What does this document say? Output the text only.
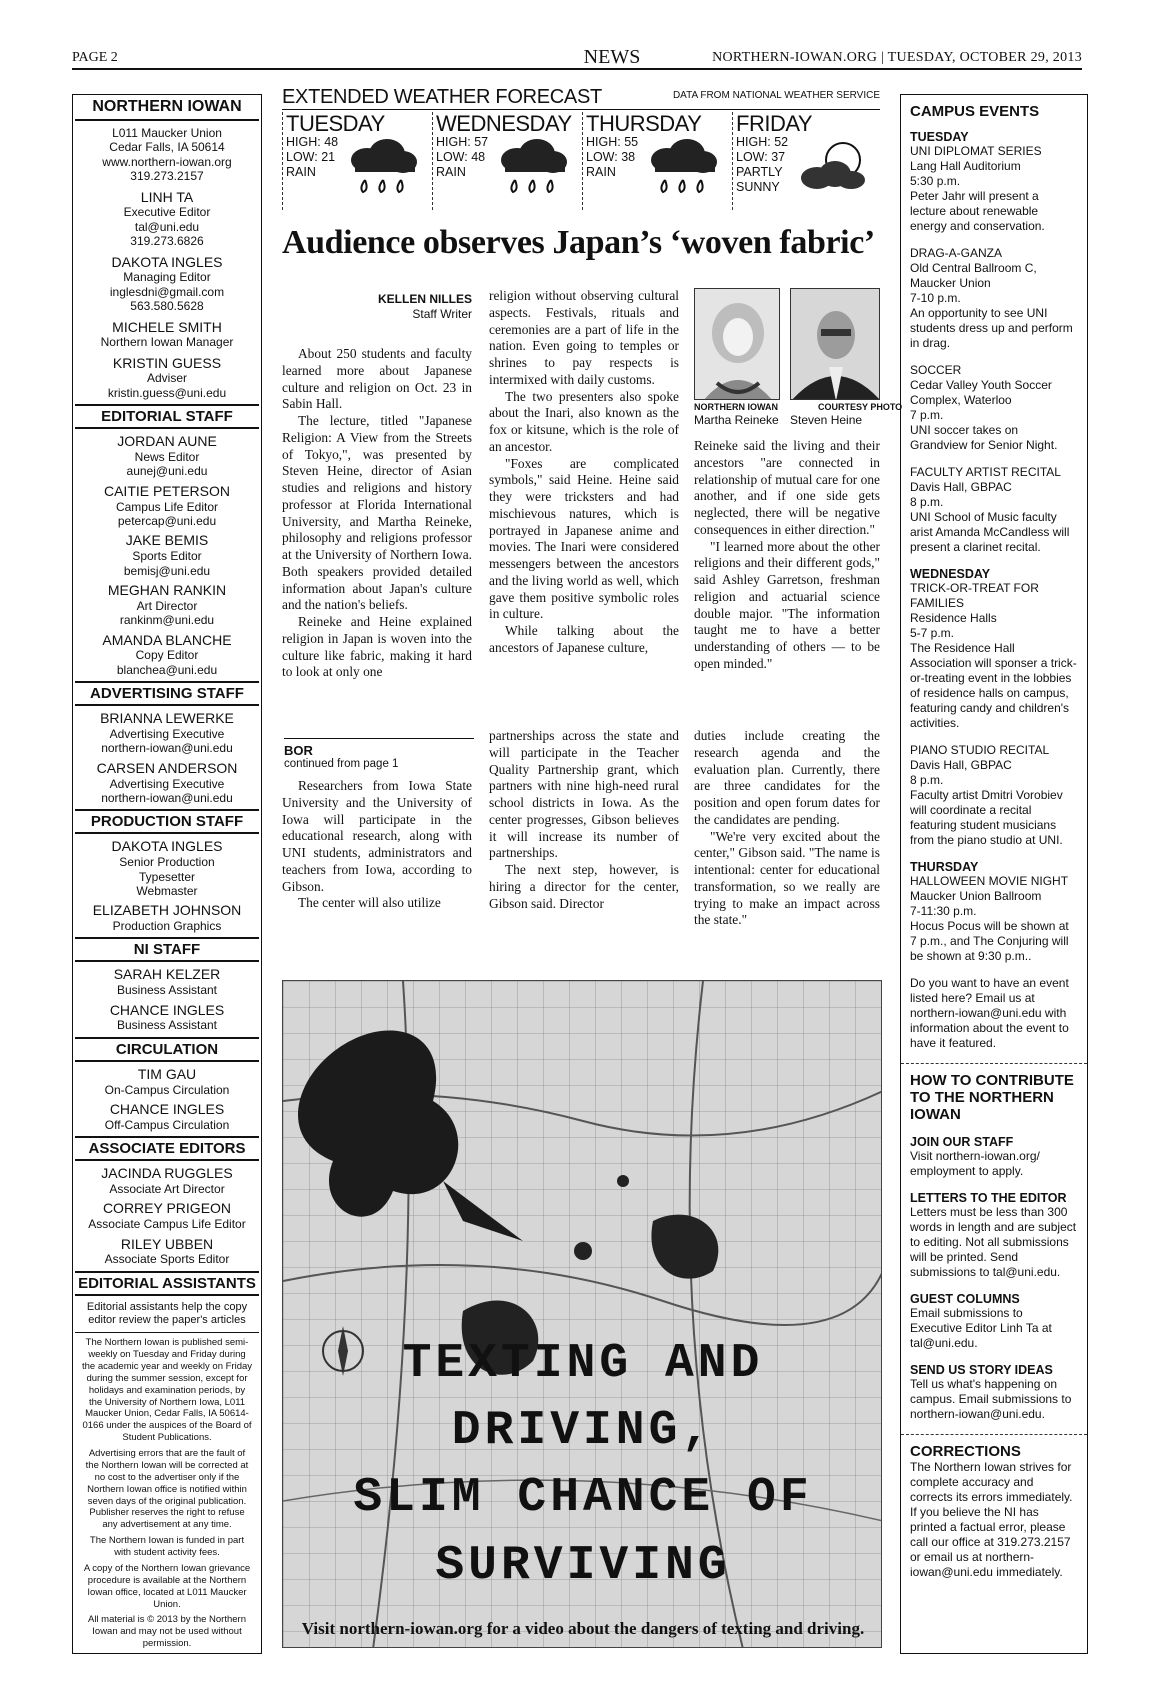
PAGE 2	NEWS	NORTHERN-IOWAN.ORG | TUESDAY, OCTOBER 29, 2013
NORTHERN IOWAN
L011 Maucker Union
Cedar Falls, IA 50614
www.northern-iowan.org
319.273.2157
LINH TA
Executive Editor
tal@uni.edu
319.273.6826
DAKOTA INGLES
Managing Editor
inglesdni@gmail.com
563.580.5628
MICHELE SMITH
Northern Iowan Manager
KRISTIN GUESS
Adviser
kristin.guess@uni.edu
EDITORIAL STAFF
JORDAN AUNE
News Editor
aunej@uni.edu
CAITIE PETERSON
Campus Life Editor
petercap@uni.edu
JAKE BEMIS
Sports Editor
bemisj@uni.edu
MEGHAN RANKIN
Art Director
rankinm@uni.edu
AMANDA BLANCHE
Copy Editor
blanchea@uni.edu
ADVERTISING STAFF
BRIANNA LEWERKE
Advertising Executive
northern-iowan@uni.edu
CARSEN ANDERSON
Advertising Executive
northern-iowan@uni.edu
PRODUCTION STAFF
DAKOTA INGLES
Senior Production
Typesetter
Webmaster
ELIZABETH JOHNSON
Production Graphics
NI STAFF
SARAH KELZER
Business Assistant
CHANCE INGLES
Business Assistant
CIRCULATION
TIM GAU
On-Campus Circulation
CHANCE INGLES
Off-Campus Circulation
ASSOCIATE EDITORS
JACINDA RUGGLES
Associate Art Director
CORREY PRIGEON
Associate Campus Life Editor
RILEY UBBEN
Associate Sports Editor
EDITORIAL ASSISTANTS
Editorial assistants help the copy editor review the paper's articles
The Northern Iowan is published semi-weekly on Tuesday and Friday during the academic year and weekly on Friday during the summer session, except for holidays and examination periods, by the University of Northern Iowa, L011 Maucker Union, Cedar Falls, IA 50614-0166 under the auspices of the Board of Student Publications.
Advertising errors that are the fault of the Northern Iowan will be corrected at no cost to the advertiser only if the Northern Iowan office is notified within seven days of the original publication. Publisher reserves the right to refuse any advertisement at any time.
The Northern Iowan is funded in part with student activity fees.
A copy of the Northern Iowan grievance procedure is available at the Northern Iowan office, located at L011 Maucker Union.
All material is © 2013 by the Northern Iowan and may not be used without permission.
EXTENDED WEATHER FORECAST	DATA FROM NATIONAL WEATHER SERVICE
TUESDAY
HIGH: 48
LOW: 21
RAIN
WEDNESDAY
HIGH: 57
LOW: 48
RAIN
THURSDAY
HIGH: 55
LOW: 38
RAIN
FRIDAY
HIGH: 52
LOW: 37
PARTLY
SUNNY
Audience observes Japan’s ‘woven fabric’
KELLEN NILLES
Staff Writer

About 250 students and faculty learned more about Japanese culture and religion on Oct. 23 in Sabin Hall.

The lecture, titled "Japanese Religion: A View from the Streets of Tokyo,", was presented by Steven Heine, director of Asian studies and religions and history professor at Florida International University, and Martha Reineke, philosophy and religions professor at the University of Northern Iowa. Both speakers provided detailed information about Japan's culture and the nation's beliefs.

Reineke and Heine explained religion in Japan is woven into the culture like fabric, making it hard to look at only one

religion without observing cultural aspects. Festivals, rituals and ceremonies are a part of life in the nation. Even going to temples or shrines to pay respects is intermixed with daily customs.

The two presenters also spoke about the Inari, also known as the fox or kitsune, which is the role of an ancestor.

"Foxes are complicated symbols," said Heine. Heine said they were tricksters and had mischievous natures, which is portrayed in Japanese anime and movies. The Inari were considered messengers between the ancestors and the living world as well, which gave them positive symbolic roles in culture.

While talking about the ancestors of Japanese culture,

NORTHERN IOWAN
Martha Reineke
COURTESY PHOTO
Steven Heine

Reineke said the living and their ancestors "are connected in relationship of mutual care for one another, and if one side gets neglected, there will be negative consequences in either direction."

"I learned more about the other religions and their different gods," said Ashley Garretson, freshman religion and actuarial science double major. "The information taught me to have a better understanding of others — to be open minded."

BOR
continued from page 1

Researchers from Iowa State University and the University of Iowa will participate in the educational research, along with UNI students, administrators and teachers from Iowa, according to Gibson.

The center will also utilize

partnerships across the state and will participate in the Teacher Quality Partnership grant, which partners with nine high-need rural school districts in Iowa. As the center progresses, Gibson believes it will increase its number of partnerships.

The next step, however, is hiring a director for the center, Gibson said. Director

duties include creating the research agenda and the evaluation plan. Currently, there are three candidates for the position and open forum dates for the candidates are pending.

"We're very excited about the center," Gibson said. "The name is intentional: center for educational transformation, so we really are trying to make an impact across the state."

TEXTING AND
DRIVING,
SLIM CHANCE OF
SURVIVING
Visit northern-iowan.org for a video about the dangers of texting and driving.
CAMPUS EVENTS
TUESDAY
UNI DIPLOMAT SERIES
Lang Hall Auditorium
5:30 p.m.
Peter Jahr will present a lecture about renewable energy and conservation.
DRAG-A-GANZA
Old Central Ballroom C,
Maucker Union
7-10 p.m.
An opportunity to see UNI students dress up and perform in drag.
SOCCER
Cedar Valley Youth Soccer Complex, Waterloo
7 p.m.
UNI soccer takes on Grandview for Senior Night.
FACULTY ARTIST RECITAL
Davis Hall, GBPAC
8 p.m.
UNI School of Music faculty arist Amanda McCandless will present a clarinet recital.
WEDNESDAY
TRICK-OR-TREAT FOR FAMILIES
Residence Halls
5-7 p.m.
The Residence Hall Association will sponser a trick-or-treating event in the lobbies of residence halls on campus, featuring candy and children's activities.
PIANO STUDIO RECITAL
Davis Hall, GBPAC
8 p.m.
Faculty artist Dmitri Vorobiev will coordinate a recital featuring student musicians from the piano studio at UNI.
THURSDAY
HALLOWEEN MOVIE NIGHT
Maucker Union Ballroom
7-11:30 p.m.
Hocus Pocus will be shown at 7 p.m., and The Conjuring will be shown at 9:30 p.m..
Do you want to have an event listed here? Email us at northern-iowan@uni.edu with information about the event to have it featured.
HOW TO CONTRIBUTE TO THE NORTHERN IOWAN
JOIN OUR STAFF
Visit northern-iowan.org/ employment to apply.
LETTERS TO THE EDITOR
Letters must be less than 300 words in length and are subject to editing. Not all submissions will be printed. Send submissions to tal@uni.edu.
GUEST COLUMNS
Email submissions to Executive Editor Linh Ta at tal@uni.edu.
SEND US STORY IDEAS
Tell us what's happening on campus. Email submissions to northern-iowan@uni.edu.
CORRECTIONS
The Northern Iowan strives for complete accuracy and corrects its errors immediately. If you believe the NI has printed a factual error, please call our office at 319.273.2157 or email us at northern-iowan@uni.edu immediately.
